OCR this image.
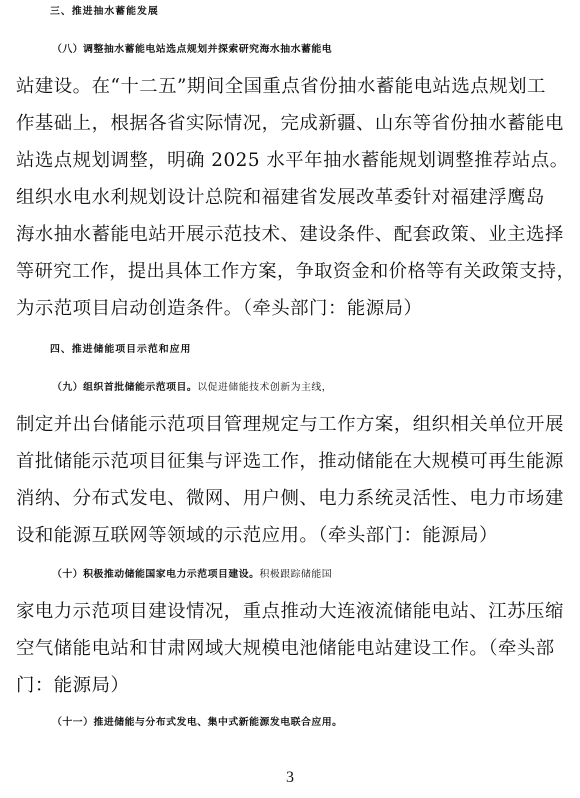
三、推进抽水蓄能发展
（八）调整抽水蓄能电站选点规划并探索研究海水抽水蓄能电
站建设。在“十二五”期间全国重点省份抽水蓄能电站选点规划工
作基础上，根据各省实际情况，完成新疆、山东等省份抽水蓄能电
站选点规划调整，明确 2025 水平年抽水蓄能规划调整推荐站点。
组织水电水利规划设计总院和福建省发展改革委针对福建浮鹰岛
海水抽水蓄能电站开展示范技术、建设条件、配套政策、业主选择
等研究工作，提出具体工作方案，争取资金和价格等有关政策支持，
为示范项目启动创造条件。（牵头部门：能源局）
四、推进储能项目示范和应用
（九）组织首批储能示范项目。以促进储能技术创新为主线，
制定并出台储能示范项目管理规定与工作方案，组织相关单位开展
首批储能示范项目征集与评选工作，推动储能在大规模可再生能源
消纳、分布式发电、微网、用户侧、电力系统灵活性、电力市场建
设和能源互联网等领域的示范应用。（牵头部门：能源局）
（十）积极推动储能国家电力示范项目建设。积极跟踪储能国
家电力示范项目建设情况，重点推动大连液流储能电站、江苏压缩
空气储能电站和甘肃网域大规模电池储能电站建设工作。（牵头部
门：能源局）
（十一）推进储能与分布式发电、集中式新能源发电联合应用。
3
